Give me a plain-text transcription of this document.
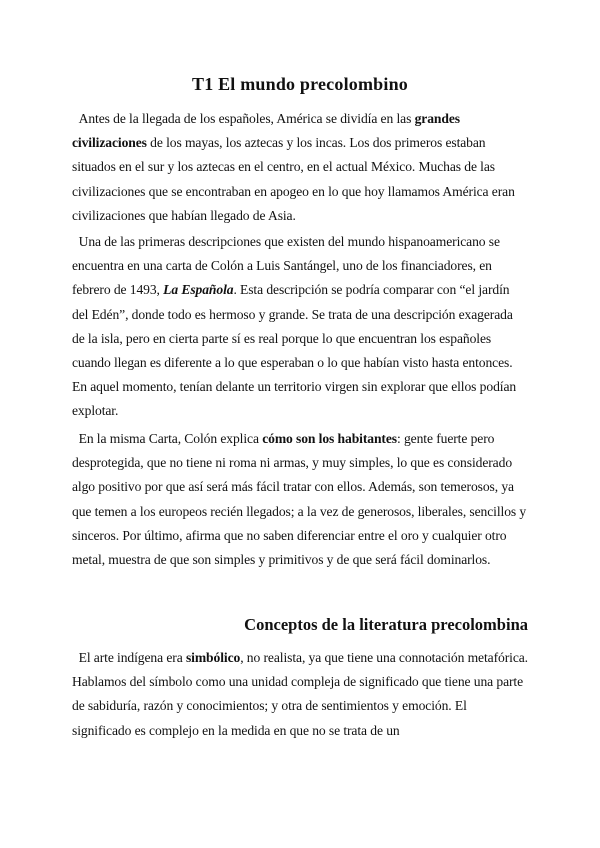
T1 El mundo precolombino

Antes de la llegada de los españoles, América se dividía en las grandes civilizaciones de los mayas, los aztecas y los incas. Los dos primeros estaban situados en el sur y los aztecas en el centro, en el actual México. Muchas de las civilizaciones que se encontraban en apogeo en lo que hoy llamamos América eran civilizaciones que habían llegado de Asia.

Una de las primeras descripciones que existen del mundo hispanoamericano se encuentra en una carta de Colón a Luis Santángel, uno de los financiadores, en febrero de 1493, La Española. Esta descripción se podría comparar con “el jardín del Edén”, donde todo es hermoso y grande. Se trata de una descripción exagerada de la isla, pero en cierta parte sí es real porque lo que encuentran los españoles cuando llegan es diferente a lo que esperaban o lo que habían visto hasta entonces. En aquel momento, tenían delante un territorio virgen sin explorar que ellos podían explotar.

En la misma Carta, Colón explica cómo son los habitantes: gente fuerte pero desprotegida, que no tiene ni roma ni armas, y muy simples, lo que es considerado algo positivo por que así será más fácil tratar con ellos. Además, son temerosos, ya que temen a los europeos recién llegados; a la vez de generosos, liberales, sencillos y sinceros. Por último, afirma que no saben diferenciar entre el oro y cualquier otro metal, muestra de que son simples y primitivos y de que será fácil dominarlos.

Conceptos de la literatura precolombina

El arte indígena era simbólico, no realista, ya que tiene una connotación metafórica. Hablamos del símbolo como una unidad compleja de significado que tiene una parte de sabiduría, razón y conocimientos; y otra de sentimientos y emoción. El significado es complejo en la medida en que no se trata de un
